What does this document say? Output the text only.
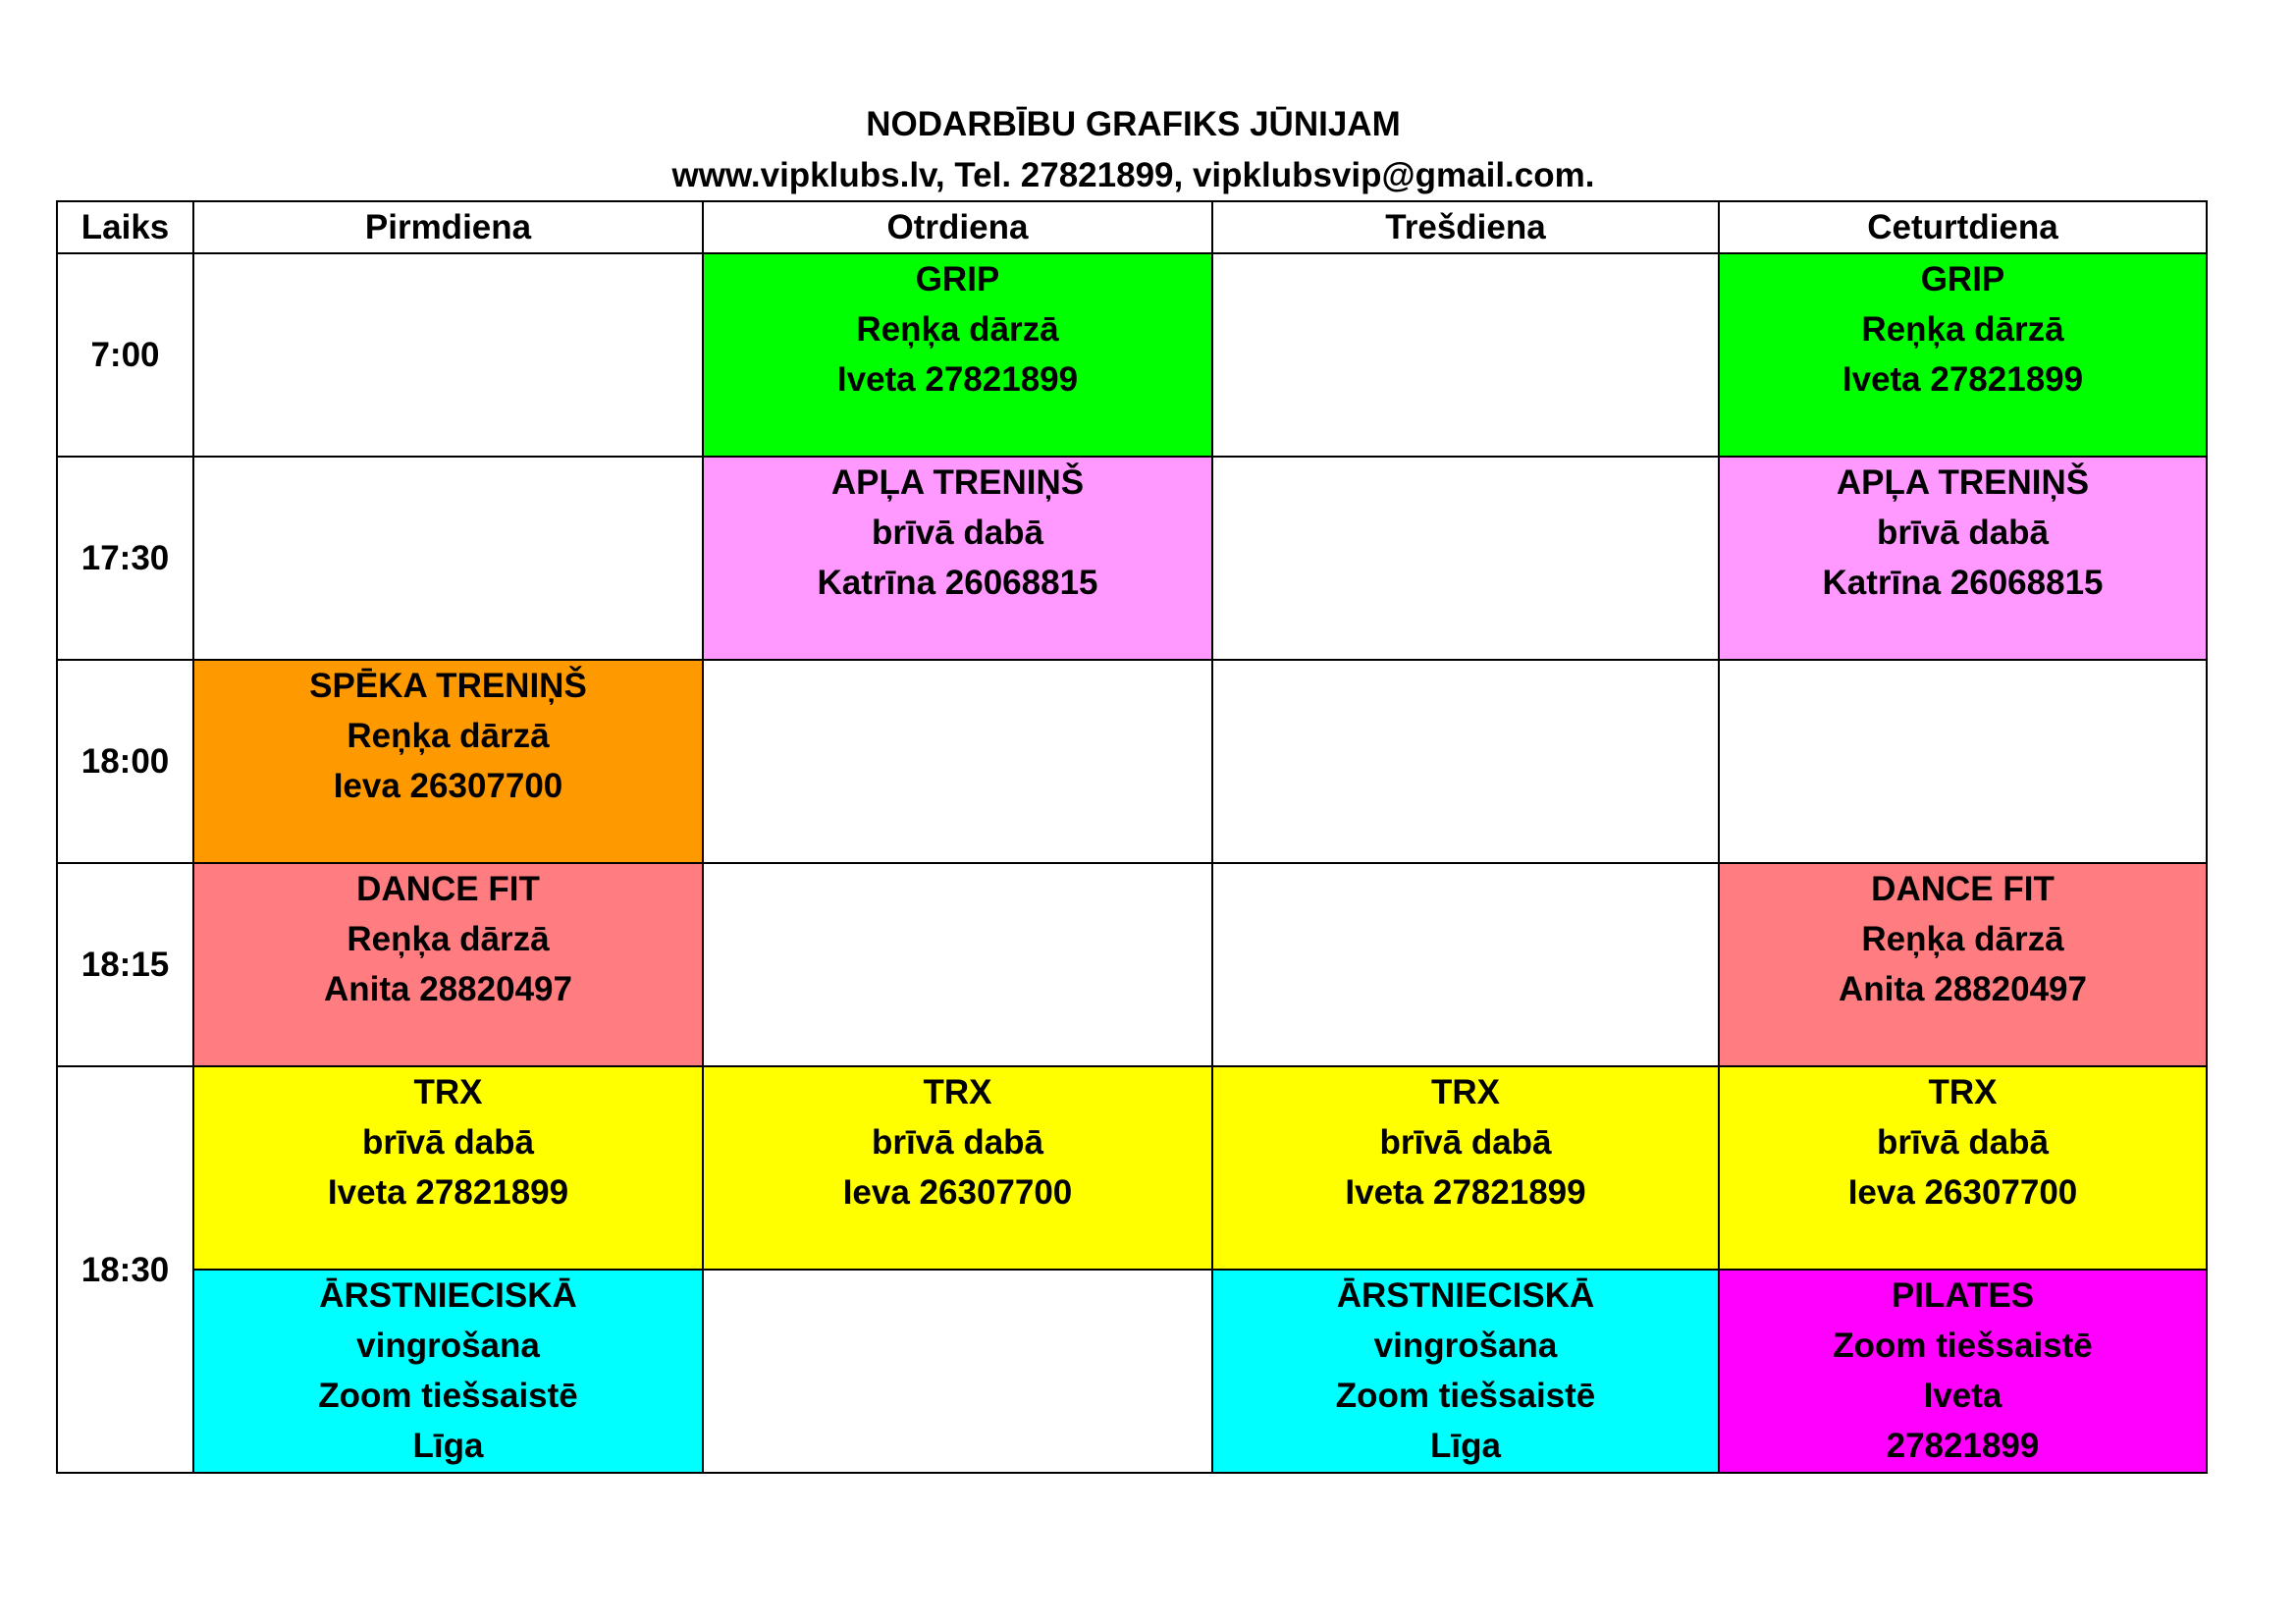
NODARBĪBU GRAFIKS JŪNIJAM
www.vipklubs.lv, Tel. 27821899, vipklubsvip@gmail.com.
Laiks	Pirmdiena	Otrdiena	Trešdiena	Ceturtdiena
7:00		GRIP
Reņķa dārzā
Iveta 27821899		GRIP
Reņķa dārzā
Iveta 27821899

17:30		APĻA TRENIŅŠ
brīvā dabā
Katrīna 26068815		APĻA TRENIŅŠ
brīvā dabā
Katrīna 26068815

18:00	SPĒKA TRENIŅŠ
Reņķa dārzā
Ieva 26307700			

18:15	DANCE FIT
Reņķa dārzā
Anita 28820497			DANCE FIT
Reņķa dārzā
Anita 28820497

18:30	TRX
brīvā dabā
Iveta 27821899	TRX
brīvā dabā
Ieva 26307700	TRX
brīvā dabā
Iveta 27821899	TRX
brīvā dabā
Ieva 26307700

	ĀRSTNIECISKĀ
vingrošana
Zoom tiešsaistē
Līga		ĀRSTNIECISKĀ
vingrošana
Zoom tiešsaistē
Līga	PILATES
Zoom tiešsaistē
Iveta
27821899
